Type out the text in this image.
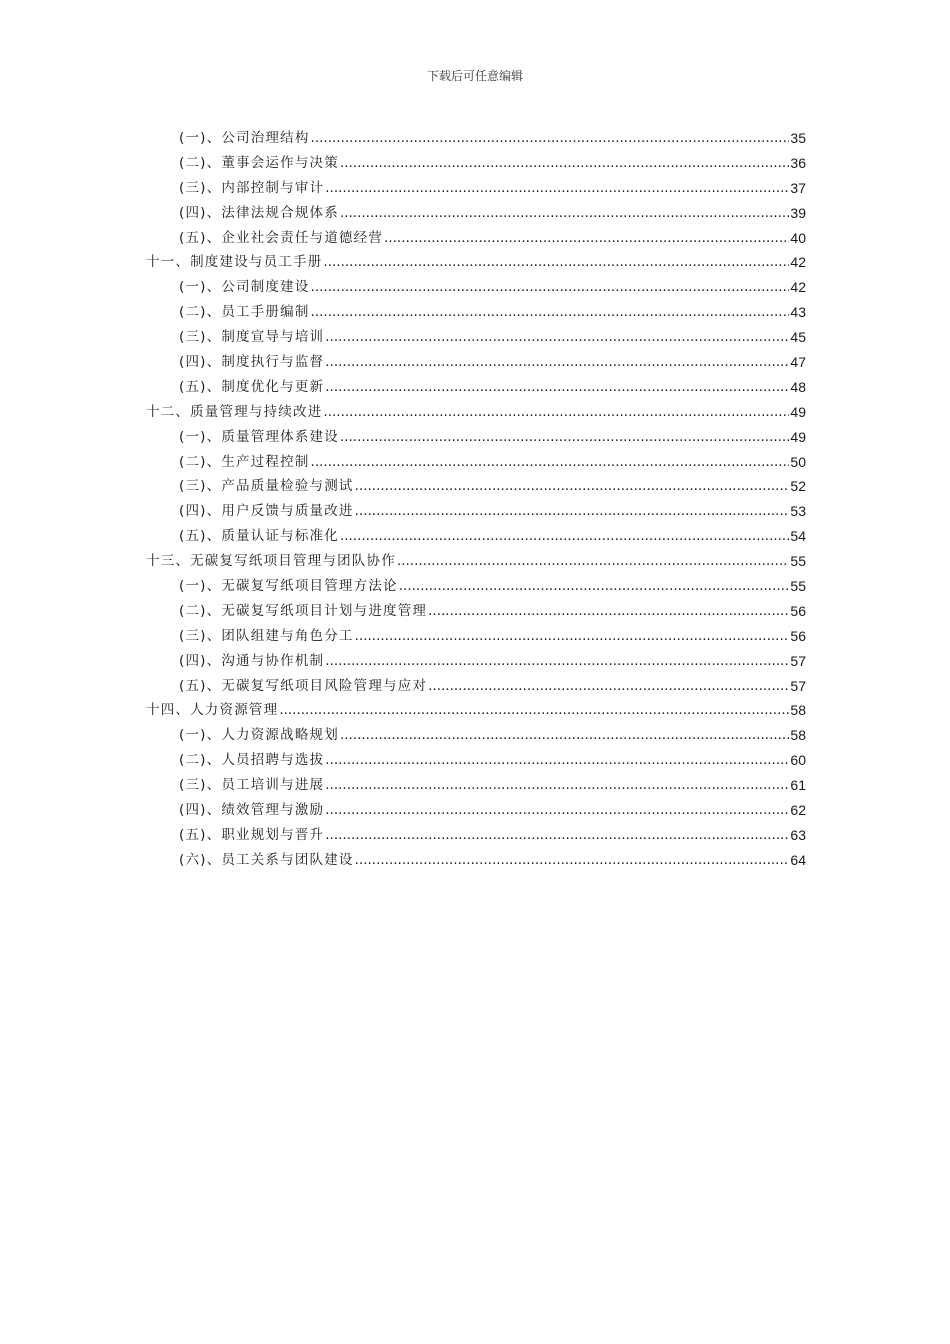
下载后可任意编辑
(一)、公司治理结构 .....	35
(二)、董事会运作与决策 .....	36
(三)、内部控制与审计 .....	37
(四)、法律法规合规体系 .....	39
(五)、企业社会责任与道德经营 .....	40
十一、制度建设与员工手册 .....	42
(一)、公司制度建设 .....	42
(二)、员工手册编制 .....	43
(三)、制度宣导与培训 .....	45
(四)、制度执行与监督 .....	47
(五)、制度优化与更新 .....	48
十二、质量管理与持续改进 .....	49
(一)、质量管理体系建设 .....	49
(二)、生产过程控制 .....	50
(三)、产品质量检验与测试 .....	52
(四)、用户反馈与质量改进 .....	53
(五)、质量认证与标准化 .....	54
十三、无碳复写纸项目管理与团队协作 .....	55
(一)、无碳复写纸项目管理方法论 .....	55
(二)、无碳复写纸项目计划与进度管理 .....	56
(三)、团队组建与角色分工 .....	56
(四)、沟通与协作机制 .....	57
(五)、无碳复写纸项目风险管理与应对 .....	57
十四、人力资源管理 .....	58
(一)、人力资源战略规划 .....	58
(二)、人员招聘与选拔 .....	60
(三)、员工培训与进展 .....	61
(四)、绩效管理与激励 .....	62
(五)、职业规划与晋升 .....	63
(六)、员工关系与团队建设 .....	64
